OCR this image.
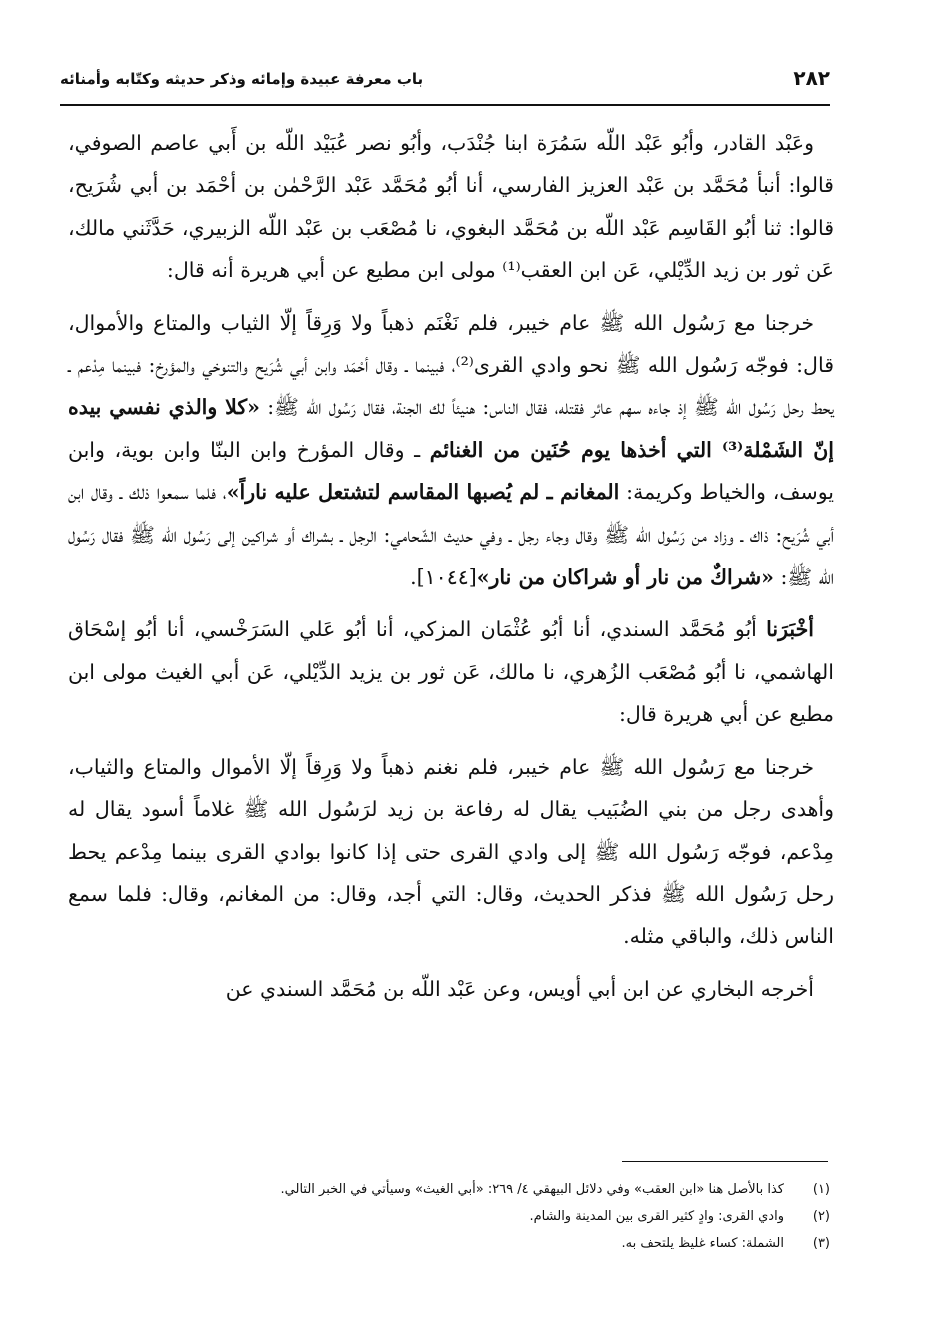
٢٨٢
باب معرفة عبيدة وإمائه وذكر حديثه وكتّابه وأمنائه

وعَبْد القادر، وأبُو عَبْد اللّه سَمُرَة ابنا جُنْدَب، وأبُو نصر عُبَيْد اللّه بن أَبي عاصم الصوفي، قالوا: أنبأ مُحَمَّد بن عَبْد العزيز الفارسي، أنا أبُو مُحَمَّد عَبْد الرَّحْمٰن بن أحْمَد بن أبي شُرَيح، قالوا: ثنا أبُو القَاسِم عَبْد اللّه بن مُحَمَّد البغوي، نا مُصْعَب بن عَبْد اللّه الزبيري، حَدَّثَني مالك، عَن ثور بن زيد الدِّيْلي، عَن ابن العقب⁽¹⁾ مولى ابن مطيع عن أبي هريرة أنه قال:

خرجنا مع رَسُول الله ﷺ عام خيبر، فلم نَغْنَم ذهباً ولا وَرِقاً إلّا الثياب والمتاع والأموال، قال: فوجّه رَسُول الله ﷺ نحو وادي القرى⁽²⁾، فبينما ـ وقال أحْمَد وابن أبي شُرَيح والتنوخي والمؤرخ: فبينما مِدْعم ـ يحط رحل رَسُول الله ﷺ إذ جاءه سهم عائر فقتله، فقال الناس: هنيئاً لك الجنة، فقال رَسُول الله ﷺ: «كلا والذي نفسي بيده إنّ الشَمْلة⁽³⁾ التي أخذها يوم حُنَين من الغنائم ـ وقال المؤرخ وابن البنّا وابن بوية، وابن يوسف، والخياط وكريمة: المغانم ـ لم يُصبها المقاسم لتشتعل عليه ناراً»، فلما سمعوا ذلك ـ وقال ابن أبي شُرَيح: ذاك ـ وزاد من رَسُول الله ﷺ وقال وجاء رجل ـ وفي حديث الشّحامي: الرجل ـ بشراك أو شراكين إلى رَسُول الله ﷺ فقال رَسُول الله ﷺ: «شراكٌ من نار أو شراكان من نار»[١٠٤٤].

أخْبَرَنا أبُو مُحَمَّد السندي، أنا أبُو عُثْمَان المزكي، أنا أبُو عَلي السَرَخْسي، أنا أبُو إسْحَاق الهاشمي، نا أبُو مُصْعَب الزُهري، نا مالك، عَن ثور بن يزيد الدِّيْلي، عَن أبي الغيث مولى ابن مطيع عن أبي هريرة قال:

خرجنا مع رَسُول الله ﷺ عام خيبر، فلم نغنم ذهباً ولا وَرِقاً إلّا الأموال والمتاع والثياب، وأهدى رجل من بني الضُبَيب يقال له رفاعة بن زيد لرَسُول الله ﷺ غلاماً أسود يقال له مِدْعم، فوجّه رَسُول الله ﷺ إلى وادي القرى حتى إذا كانوا بوادي القرى بينما مِدْعم يحط رحل رَسُول الله ﷺ فذكر الحديث، وقال: التي أجد، وقال: من المغانم، وقال: فلما سمع الناس ذلك، والباقي مثله.

أخرجه البخاري عن ابن أبي أويس، وعن عَبْد اللّه بن مُحَمَّد السندي عن

(١)
كذا بالأصل هنا «ابن العقب» وفي دلائل البيهقي ٤/ ٢٦٩: «أبي الغيث» وسيأتي في الخبر التالي.
(٢)
وادي القرى: وادٍ كثير القرى بين المدينة والشام.
(٣)
الشملة: كساء غليظ يلتحف به.
